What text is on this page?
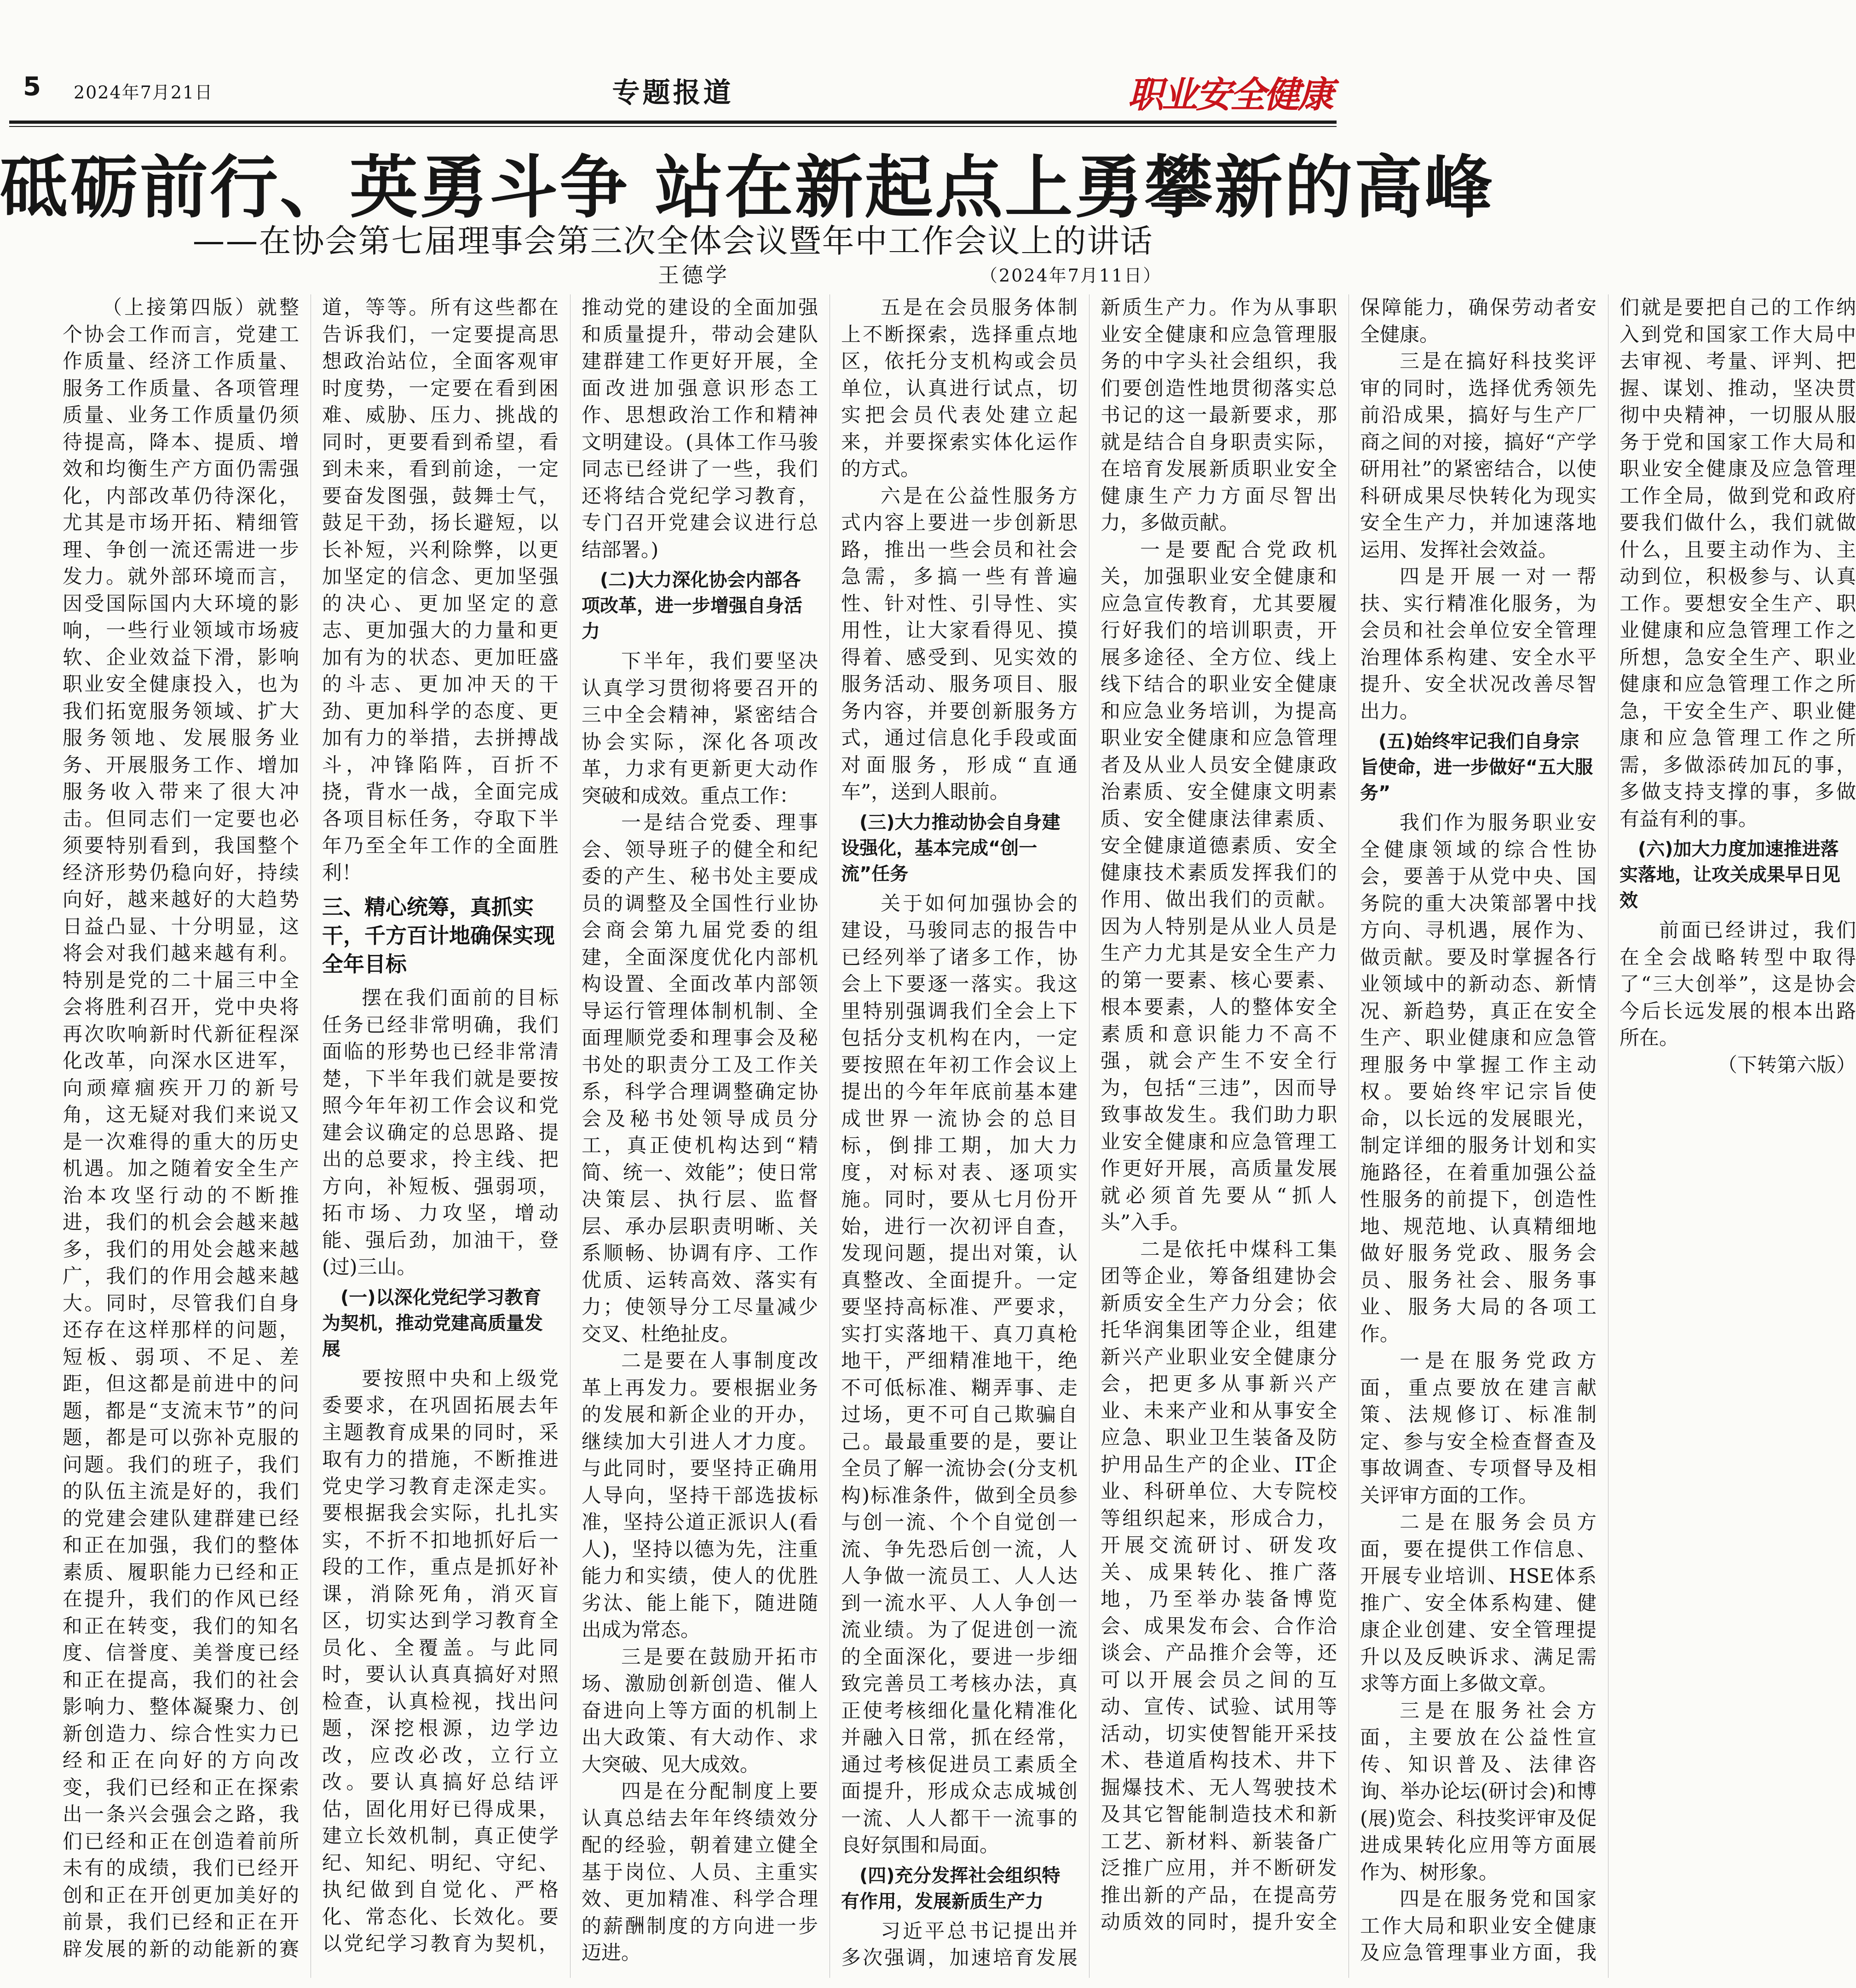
5 2024年7月21日	专题报道	职业安全健康
砥砺前行、英勇斗争 站在新起点上勇攀新的高峰
——在协会第七届理事会第三次全体会议暨年中工作会议上的讲话
王德学	（2024年7月11日）

（上接第四版）就整个协会工作而言，党建工作质量、经济工作质量、服务工作质量、各项管理质量、业务工作质量仍须待提高，降本、提质、增效和均衡生产方面仍需强化，内部改革仍待深化，尤其是市场开拓、精细管理、争创一流还需进一步发力。就外部环境而言，因受国际国内大环境的影响，一些行业领域市场疲软、企业效益下滑，影响职业安全健康投入，也为我们拓宽服务领域、扩大服务领地、发展服务业务、开展服务工作、增加服务收入带来了很大冲击。但同志们一定要也必须要特别看到，我国整个经济形势仍稳向好，持续向好，越来越好的大趋势日益凸显、十分明显，这将会对我们越来越有利。特别是党的二十届三中全会将胜利召开，党中央将再次吹响新时代新征程深化改革，向深水区进军，向顽瘴痼疾开刀的新号角，这无疑对我们来说又是一次难得的重大的历史机遇。加之随着安全生产治本攻坚行动的不断推进，我们的机会会越来越多，我们的用处会越来越广，我们的作用会越来越大。同时，尽管我们自身还存在这样那样的问题，短板、弱项、不足、差距，但这都是前进中的问题，都是“支流末节”的问题，都是可以弥补克服的问题。我们的班子，我们的队伍主流是好的，我们的党建会建队建群建已经和正在加强，我们的整体素质、履职能力已经和正在提升，我们的作风已经和正在转变，我们的知名度、信誉度、美誉度已经和正在提高，我们的社会影响力、整体凝聚力、创新创造力、综合性实力已经和正在向好的方向改变，我们已经和正在探索出一条兴会强会之路，我们已经和正在创造着前所未有的成绩，我们已经开创和正在开创更加美好的前景，我们已经和正在开辟发展的新的动能新的赛道，等等。所有这些都在告诉我们，一定要提高思想政治站位，全面客观审时度势，一定要在看到困难、威胁、压力、挑战的同时，更要看到希望，看到未来，看到前途，一定要奋发图强，鼓舞士气，鼓足干劲，扬长避短，以长补短，兴利除弊，以更加坚定的信念、更加坚强的决心、更加坚定的意志、更加强大的力量和更加有为的状态、更加旺盛的斗志、更加冲天的干劲、更加科学的态度、更加有力的举措，去拼搏战斗，冲锋陷阵，百折不挠，背水一战，全面完成各项目标任务，夺取下半年乃至全年工作的全面胜利！

三、精心统筹，真抓实干，千方百计地确保实现全年目标

摆在我们面前的目标任务已经非常明确，我们面临的形势也已经非常清楚，下半年我们就是要按照今年年初工作会议和党建会议确定的总思路、提出的总要求，拎主线、把方向，补短板、强弱项，拓市场、力攻坚，增动能、强后劲，加油干，登(过)三山。

(一)以深化党纪学习教育为契机，推动党建高质量发展

要按照中央和上级党委要求，在巩固拓展去年主题教育成果的同时，采取有力的措施，不断推进党史学习教育走深走实。要根据我会实际，扎扎实实，不折不扣地抓好后一段的工作，重点是抓好补课，消除死角，消灭盲区，切实达到学习教育全员化、全覆盖。与此同时，要认认真真搞好对照检查，认真检视，找出问题，深挖根源，边学边改，应改必改，立行立改。要认真搞好总结评估，固化用好已得成果，建立长效机制，真正使学纪、知纪、明纪、守纪、执纪做到自觉化、严格化、常态化、长效化。要以党纪学习教育为契机，推动党的建设的全面加强和质量提升，带动会建队建群建工作更好开展，全面改进加强意识形态工作、思想政治工作和精神文明建设。(具体工作马骏同志已经讲了一些，我们还将结合党纪学习教育，专门召开党建会议进行总结部署。)

(二)大力深化协会内部各项改革，进一步增强自身活力

下半年，我们要坚决认真学习贯彻将要召开的三中全会精神，紧密结合协会实际，深化各项改革，力求有更新更大动作突破和成效。重点工作：

一是结合党委、理事会、领导班子的健全和纪委的产生、秘书处主要成员的调整及全国性行业协会商会第九届党委的组建，全面深度优化内部机构设置、全面改革内部领导运行管理体制机制、全面理顺党委和理事会及秘书处的职责分工及工作关系，科学合理调整确定协会及秘书处领导成员分工，真正使机构达到“精简、统一、效能”；使日常决策层、执行层、监督层、承办层职责明晰、关系顺畅、协调有序、工作优质、运转高效、落实有力；使领导分工尽量减少交叉、杜绝扯皮。

二是要在人事制度改革上再发力。要根据业务的发展和新企业的开办，继续加大引进人才力度。与此同时，要坚持正确用人导向，坚持干部选拔标准，坚持公道正派识人(看人)，坚持以德为先，注重能力和实绩，使人的优胜劣汰、能上能下，随进随出成为常态。

三是要在鼓励开拓市场、激励创新创造、催人奋进向上等方面的机制上出大政策、有大动作、求大突破、见大成效。

四是在分配制度上要认真总结去年年终绩效分配的经验，朝着建立健全基于岗位、人员、主重实效、更加精准、科学合理的薪酬制度的方向进一步迈进。

五是在会员服务体制上不断探索，选择重点地区，依托分支机构或会员单位，认真进行试点，切实把会员代表处建立起来，并要探索实体化运作的方式。

六是在公益性服务方式内容上要进一步创新思路，推出一些会员和社会急需，多搞一些有普遍性、针对性、引导性、实用性，让大家看得见、摸得着、感受到、见实效的服务活动、服务项目、服务内容，并要创新服务方式，通过信息化手段或面对面服务，形成“直通车”，送到人眼前。

(三)大力推动协会自身建设强化，基本完成“创一流”任务

关于如何加强协会的建设，马骏同志的报告中已经列举了诸多工作，协会上下要逐一落实。我这里特别强调我们全会上下包括分支机构在内，一定要按照在年初工作会议上提出的今年年底前基本建成世界一流协会的总目标，倒排工期，加大力度，对标对表、逐项实施。同时，要从七月份开始，进行一次初评自查，发现问题，提出对策，认真整改、全面提升。一定要坚持高标准、严要求，实打实落地干、真刀真枪地干，严细精准地干，绝不可低标准、糊弄事、走过场，更不可自己欺骗自己。最最重要的是，要让全员了解一流协会(分支机构)标准条件，做到全员参与创一流、个个自觉创一流、争先恐后创一流，人人争做一流员工、人人达到一流水平、人人争创一流业绩。为了促进创一流的全面深化，要进一步细致完善员工考核办法，真正使考核细化量化精准化并融入日常，抓在经常，通过考核促进员工素质全面提升，形成众志成城创一流、人人都干一流事的良好氛围和局面。

(四)充分发挥社会组织特有作用，发展新质生产力

习近平总书记提出并多次强调，加速培育发展新质生产力。作为从事职业安全健康和应急管理服务的中字头社会组织，我们要创造性地贯彻落实总书记的这一最新要求，那就是结合自身职责实际，在培育发展新质职业安全健康生产力方面尽智出力，多做贡献。

一是要配合党政机关，加强职业安全健康和应急宣传教育，尤其要履行好我们的培训职责，开展多途径、全方位、线上线下结合的职业安全健康和应急业务培训，为提高职业安全健康和应急管理者及从业人员安全健康政治素质、安全健康文明素质、安全健康法律素质、安全健康道德素质、安全健康技术素质发挥我们的作用、做出我们的贡献。因为人特别是从业人员是生产力尤其是安全生产力的第一要素、核心要素、根本要素，人的整体安全素质和意识能力不高不强，就会产生不安全行为，包括“三违”，因而导致事故发生。我们助力职业安全健康和应急管理工作更好开展，高质量发展就必须首先要从“抓人头”入手。

二是依托中煤科工集团等企业，筹备组建协会新质安全生产力分会；依托华润集团等企业，组建新兴产业职业安全健康分会，把更多从事新兴产业、未来产业和从事安全应急、职业卫生装备及防护用品生产的企业、IT企业、科研单位、大专院校等组织起来，形成合力，开展交流研讨、研发攻关、成果转化、推广落地，乃至举办装备博览会、成果发布会、合作洽谈会、产品推介会等，还可以开展会员之间的互动、宣传、试验、试用等活动，切实使智能开采技术、巷道盾构技术、井下掘爆技术、无人驾驶技术及其它智能制造技术和新工艺、新材料、新装备广泛推广应用，并不断研发推出新的产品，在提高劳动质效的同时，提升安全保障能力，确保劳动者安全健康。

三是在搞好科技奖评审的同时，选择优秀领先前沿成果，搞好与生产厂商之间的对接，搞好“产学研用社”的紧密结合，以使科研成果尽快转化为现实安全生产力，并加速落地运用、发挥社会效益。

四是开展一对一帮扶、实行精准化服务，为会员和社会单位安全管理治理体系构建、安全水平提升、安全状况改善尽智出力。

(五)始终牢记我们自身宗旨使命，进一步做好“五大服务”

我们作为服务职业安全健康领域的综合性协会，要善于从党中央、国务院的重大决策部署中找方向、寻机遇，展作为、做贡献。要及时掌握各行业领域中的新动态、新情况、新趋势，真正在安全生产、职业健康和应急管理服务中掌握工作主动权。要始终牢记宗旨使命，以长远的发展眼光，制定详细的服务计划和实施路径，在着重加强公益性服务的前提下，创造性地、规范地、认真精细地做好服务党政、服务会员、服务社会、服务事业、服务大局的各项工作。

一是在服务党政方面，重点要放在建言献策、法规修订、标准制定、参与安全检查督查及事故调查、专项督导及相关评审方面的工作。

二是在服务会员方面，要在提供工作信息、开展专业培训、HSE体系推广、安全体系构建、健康企业创建、安全管理提升以及反映诉求、满足需求等方面上多做文章。

三是在服务社会方面，主要放在公益性宣传、知识普及、法律咨询、举办论坛(研讨会)和博(展)览会、科技奖评审及促进成果转化应用等方面展作为、树形象。

四是在服务党和国家工作大局和职业安全健康及应急管理事业方面，我们就是要把自己的工作纳入到党和国家工作大局中去审视、考量、评判、把握、谋划、推动，坚决贯彻中央精神，一切服从服务于党和国家工作大局和职业安全健康及应急管理工作全局，做到党和政府要我们做什么，我们就做什么，且要主动作为、主动到位，积极参与、认真工作。要想安全生产、职业健康和应急管理工作之所想，急安全生产、职业健康和应急管理工作之所急，干安全生产、职业健康和应急管理工作之所需，多做添砖加瓦的事，多做支持支撑的事，多做有益有利的事。

(六)加大力度加速推进落实落地，让攻关成果早日见效

前面已经讲过，我们在全会战略转型中取得了“三大创举”，这是协会今后长远发展的根本出路所在。

（下转第六版）
